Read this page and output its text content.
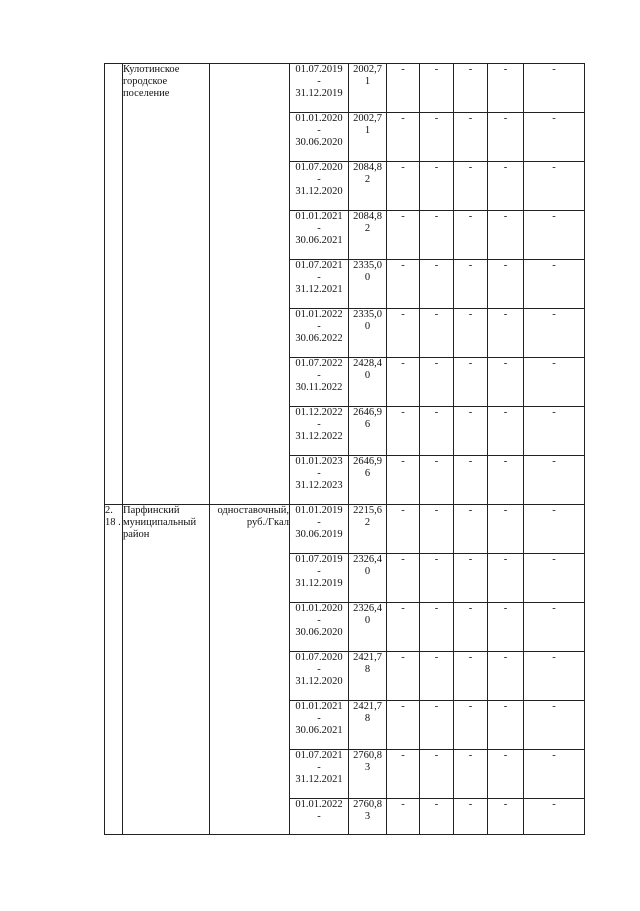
	Кулотинское городское поселение		01.07.2019
-
31.12.2019	2002,7
1	-	-	-	-	-

			01.01.2020
-
30.06.2020	2002,7
1	-	-	-	-	-

			01.07.2020
-
31.12.2020	2084,8
2	-	-	-	-	-

			01.01.2021
-
30.06.2021	2084,8
2	-	-	-	-	-

			01.07.2021
-
31.12.2021	2335,0
0	-	-	-	-	-

			01.01.2022
-
30.06.2022	2335,0
0	-	-	-	-	-

			01.07.2022
-
30.11.2022	2428,4
0	-	-	-	-	-

			01.12.2022
-
31.12.2022	2646,9
6	-	-	-	-	-

			01.01.2023
-
31.12.2023	2646,9
6	-	-	-	-	-
2. 18 .	Парфинский муниципальный район	одноставочный, руб./Гкал	01.01.2019
-
30.06.2019	2215,6
2	-	-	-	-	-

			01.07.2019
-
31.12.2019	2326,4
0	-	-	-	-	-

			01.01.2020
-
30.06.2020	2326,4
0	-	-	-	-	-

			01.07.2020
-
31.12.2020	2421,7
8	-	-	-	-	-

			01.01.2021
-
30.06.2021	2421,7
8	-	-	-	-	-

			01.07.2021
-
31.12.2021	2760,8
3	-	-	-	-	-

			01.01.2022
-	2760,8
3	-	-	-	-	-
